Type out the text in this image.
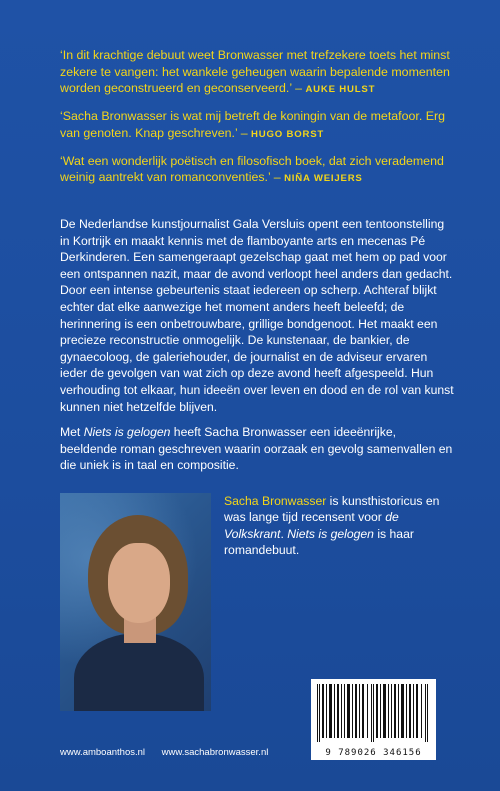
‘In dit krachtige debuut weet Bronwasser met trefzekere toets het minst zekere te vangen: het wankele geheugen waarin bepalende momenten worden geconstrueerd en geconserveerd.’ – AUKE HULST

‘Sacha Bronwasser is wat mij betreft de koningin van de metafoor. Erg van genoten. Knap geschreven.’ – HUGO BORST

‘Wat een wonderlijk poëtisch en filosofisch boek, dat zich verademend weinig aantrekt van romanconventies.’ – NIÑA WEIJERS

De Nederlandse kunstjournalist Gala Versluis opent een tentoonstelling in Kortrijk en maakt kennis met de flamboyante arts en mecenas Pé Derkinderen. Een samengeraapt gezelschap gaat met hem op pad voor een ontspannen nazit, maar de avond verloopt heel anders dan gedacht. Door een intense gebeurtenis staat iedereen op scherp. Achteraf blijkt echter dat elke aanwezige het moment anders heeft beleefd; de herinnering is een onbetrouwbare, grillige bondgenoot. Het maakt een precieze reconstructie onmogelijk. De kunstenaar, de bankier, de gynaecoloog, de galeriehouder, de journalist en de adviseur ervaren ieder de gevolgen van wat zich op deze avond heeft afgespeeld. Hun verhouding tot elkaar, hun ideeën over leven en dood en de rol van kunst kunnen niet hetzelfde blijven.

Met Niets is gelogen heeft Sacha Bronwasser een ideeënrijke, beeldende roman geschreven waarin oorzaak en gevolg samenvallen en die uniek is in taal en compositie.

Sacha Bronwasser is kunsthistoricus en was lange tijd recensent voor de Volkskrant. Niets is gelogen is haar romandebuut.
9 789026 346156
www.amboanthos.nl www.sachabronwasser.nl
